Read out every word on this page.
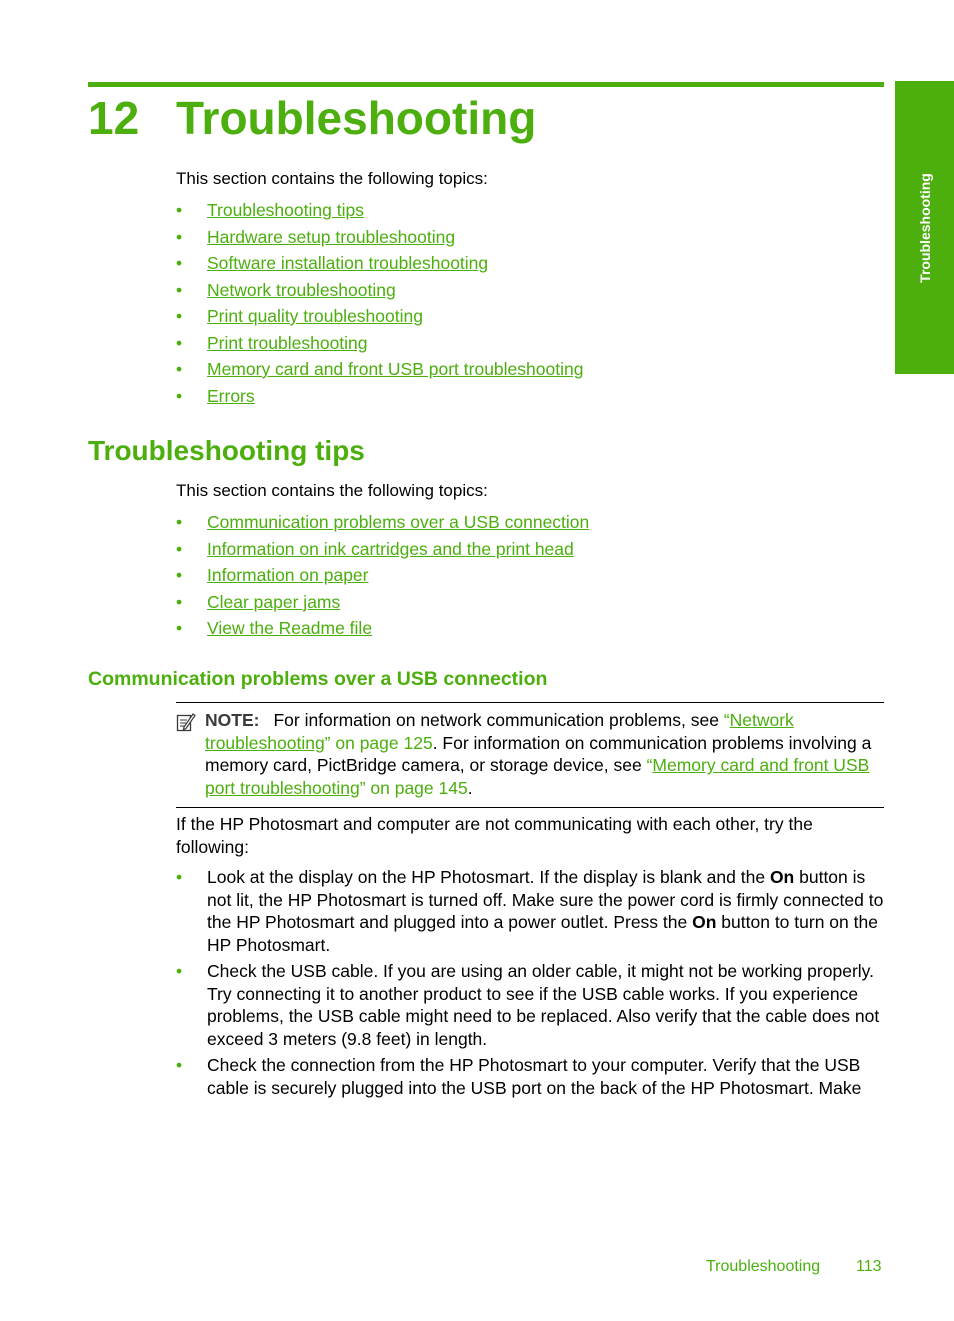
12 Troubleshooting
Troubleshooting

This section contains the following topics:

• Troubleshooting tips
• Hardware setup troubleshooting
• Software installation troubleshooting
• Network troubleshooting
• Print quality troubleshooting
• Print troubleshooting
• Memory card and front USB port troubleshooting
• Errors
Troubleshooting tips

This section contains the following topics:

• Communication problems over a USB connection
• Information on ink cartridges and the print head
• Information on paper
• Clear paper jams
• View the Readme file
Communication problems over a USB connection

NOTE: For information on network communication problems, see “Network troubleshooting” on page 125. For information on communication problems involving a memory card, PictBridge camera, or storage device, see “Memory card and front USB port troubleshooting” on page 145.

If the HP Photosmart and computer are not communicating with each other, try the following:

• Look at the display on the HP Photosmart. If the display is blank and the On button is not lit, the HP Photosmart is turned off. Make sure the power cord is firmly connected to the HP Photosmart and plugged into a power outlet. Press the On button to turn on the HP Photosmart.
• Check the USB cable. If you are using an older cable, it might not be working properly. Try connecting it to another product to see if the USB cable works. If you experience problems, the USB cable might need to be replaced. Also verify that the cable does not exceed 3 meters (9.8 feet) in length.
• Check the connection from the HP Photosmart to your computer. Verify that the USB cable is securely plugged into the USB port on the back of the HP Photosmart. Make
Troubleshooting 113
